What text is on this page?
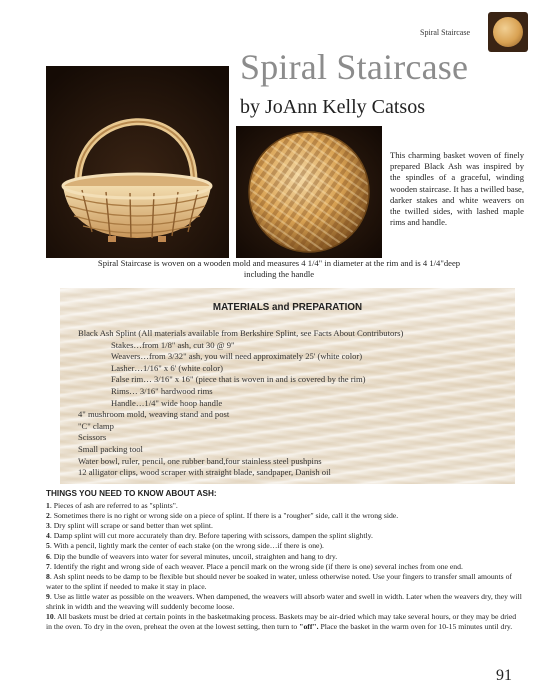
Spiral Staircase
Spiral Staircase
by JoAnn Kelly Catsos
This charming basket woven of finely prepared Black Ash was inspired by the spindles of a graceful, winding wooden staircase. It has a twilled base, darker stakes and white weavers on the twilled sides, with lashed maple rims and handle.
Spiral Staircase is woven on a wooden mold and measures 4 1/4" in diameter at the rim and is 4 1/4"deep
including the handle
MATERIALS and PREPARATION
Black Ash Splint (All materials available from Berkshire Splint, see Facts About Contributors)
Stakes…from 1/8" ash, cut 30 @ 9"
Weavers…from 3/32" ash, you will need approximately 25' (white color)
Lasher…1/16" x 6' (white color)
False rim… 3/16" x 16" (piece that is woven in and is covered by the rim)
Rims… 3/16" hardwood rims
Handle…1/4" wide hoop handle
4" mushroom mold, weaving stand and post
"C" clamp
Scissors
Small packing tool
Water bowl, ruler, pencil, one rubber band,four stainless steel pushpins
12 alligator clips, wood scraper with straight blade, sandpaper, Danish oil
THINGS YOU NEED TO KNOW ABOUT ASH:
1. Pieces of ash are referred to as "splints".
2. Sometimes there is no right or wrong side on a piece of splint. If there is a "rougher" side, call it the wrong side.
3. Dry splint will scrape or sand better than wet splint.
4. Damp splint will cut more accurately than dry. Before tapering with scissors, dampen the splint slightly.
5. With a pencil, lightly mark the center of each stake (on the wrong side…if there is one).
6. Dip the bundle of weavers into water for several minutes, uncoil, straighten and hang to dry.
7. Identify the right and wrong side of each weaver. Place a pencil mark on the wrong side (if there is one) several inches from one end.
8. Ash splint needs to be damp to be flexible but should never be soaked in water, unless otherwise noted. Use your fingers to transfer small amounts of water to the splint if needed to make it stay in place.
9. Use as little water as possible on the weavers. When dampened, the weavers will absorb water and swell in width. Later when the weavers dry, they will shrink in width and the weaving will suddenly become loose.
10. All baskets must be dried at certain points in the basketmaking process. Baskets may be air-dried which may take several hours, or they may be dried in the oven. To dry in the oven, preheat the oven at the lowest setting, then turn to "off". Place the basket in the warm oven for 10-15 minutes until dry.
91
